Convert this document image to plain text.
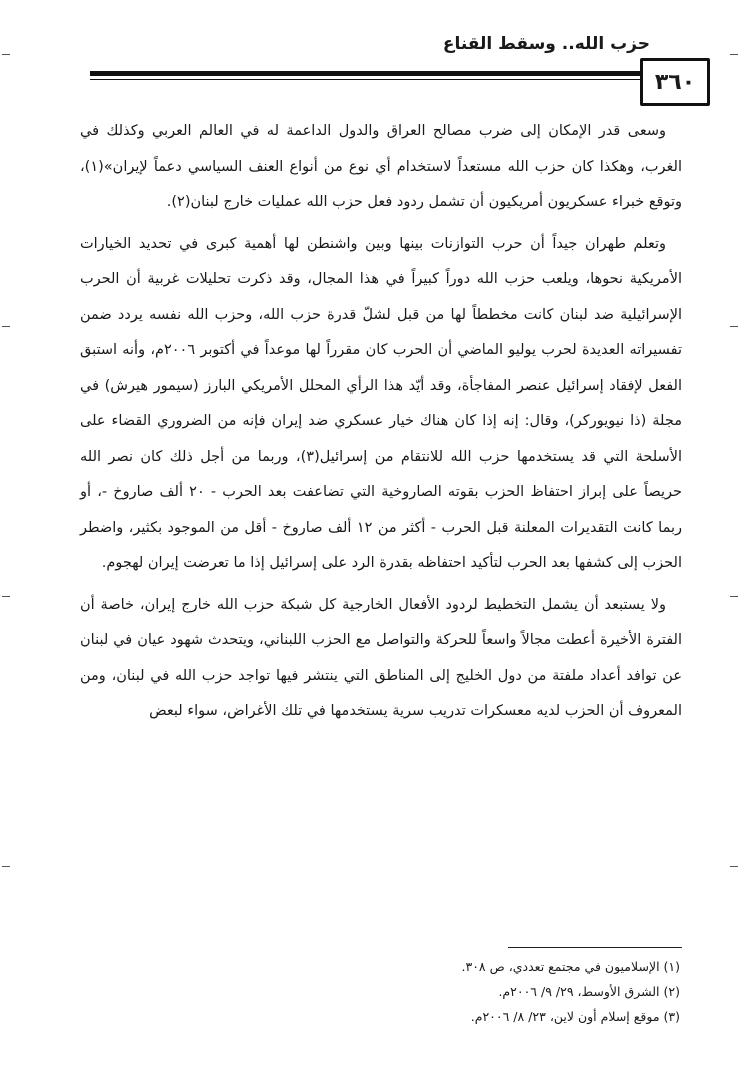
حزب الله.. وسقط القناع
٣٦٠

وسعى قدر الإمكان إلى ضرب مصالح العراق والدول الداعمة له في العالم العربي وكذلك في الغرب، وهكذا كان حزب الله مستعداً لاستخدام أي نوع من أنواع العنف السياسي دعماً لإيران»(١)، وتوقع خبراء عسكريون أمريكيون أن تشمل ردود فعل حزب الله عمليات خارج لبنان(٢).

وتعلم طهران جيداً أن حرب التوازنات بينها وبين واشنطن لها أهمية كبرى في تحديد الخيارات الأمريكية نحوها، ويلعب حزب الله دوراً كبيراً في هذا المجال، وقد ذكرت تحليلات غربية أن الحرب الإسرائيلية ضد لبنان كانت مخططاً لها من قبل لشلّ قدرة حزب الله، وحزب الله نفسه يردد ضمن تفسيراته العديدة لحرب يوليو الماضي أن الحرب كان مقرراً لها موعداً في أكتوبر ٢٠٠٦م، وأنه استبق الفعل لإفقاد إسرائيل عنصر المفاجأة، وقد أيّد هذا الرأي المحلل الأمريكي البارز (سيمور هيرش) في مجلة (ذا نيويوركر)، وقال: إنه إذا كان هناك خيار عسكري ضد إيران فإنه من الضروري القضاء على الأسلحة التي قد يستخدمها حزب الله للانتقام من إسرائيل(٣)، وربما من أجل ذلك كان نصر الله حريصاً على إبراز احتفاظ الحزب بقوته الصاروخية التي تضاعفت بعد الحرب - ٢٠ ألف صاروخ -، أو ربما كانت التقديرات المعلنة قبل الحرب - أكثر من ١٢ ألف صاروخ - أقل من الموجود بكثير، واضطر الحزب إلى كشفها بعد الحرب لتأكيد احتفاظه بقدرة الرد على إسرائيل إذا ما تعرضت إيران لهجوم.

ولا يستبعد أن يشمل التخطيط لردود الأفعال الخارجية كل شبكة حزب الله خارج إيران، خاصة أن الفترة الأخيرة أعطت مجالاً واسعاً للحركة والتواصل مع الحزب اللبناني، ويتحدث شهود عيان في لبنان عن توافد أعداد ملفتة من دول الخليج إلى المناطق التي ينتشر فيها تواجد حزب الله في لبنان، ومن المعروف أن الحزب لديه معسكرات تدريب سرية يستخدمها في تلك الأغراض، سواء لبعض

(١) الإسلاميون في مجتمع تعددي، ص ٣٠٨.
(٢) الشرق الأوسط، ٢٩/ ٩/ ٢٠٠٦م.
(٣) موقع إسلام أون لاين، ٢٣/ ٨/ ٢٠٠٦م.
